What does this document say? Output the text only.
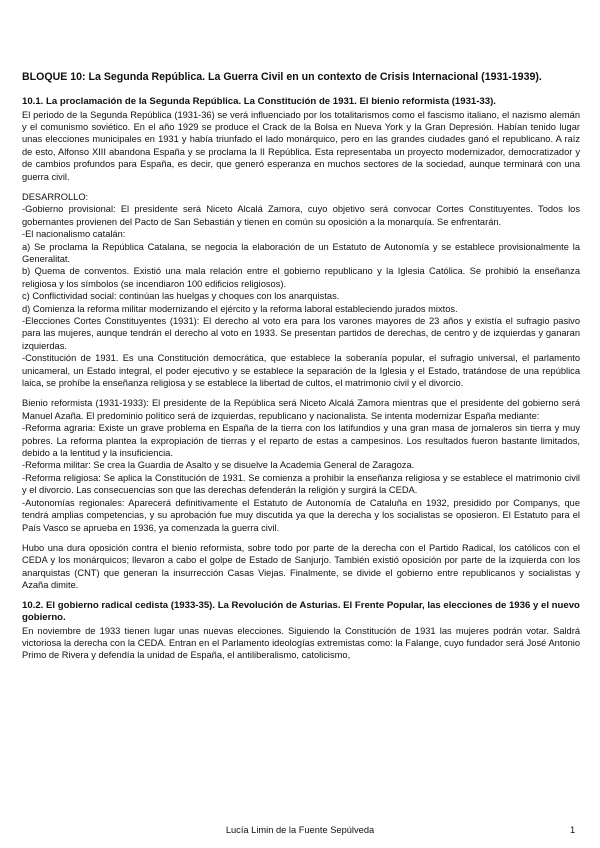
BLOQUE 10: La Segunda República. La Guerra Civil en un contexto de Crisis Internacional (1931-1939).
10.1. La proclamación de la Segunda República. La Constitución de 1931. El bienio reformista (1931-33).

El periodo de la Segunda República (1931-36) se verá influenciado por los totalitarismos como el fascismo italiano, el nazismo alemán y el comunismo soviético. En el año 1929 se produce el Crack de la Bolsa en Nueva York y la Gran Depresión. Habían tenido lugar unas elecciones municipales en 1931 y había triunfado el lado monárquico, pero en las grandes ciudades ganó el republicano. A raíz de esto, Alfonso XIII abandona España y se proclama la II República. Esta representaba un proyecto modernizador, democratizador y de cambios profundos para España, es decir, que generó esperanza en muchos sectores de la sociedad, aunque terminará con una guerra civil.

DESARROLLO:

-Gobierno provisional: El presidente será Niceto Alcalá Zamora, cuyo objetivo será convocar Cortes Constituyentes. Todos los gobernantes provienen del Pacto de San Sebastián y tienen en común su oposición a la monarquía. Se enfrentarán.

-El nacionalismo catalán:

a) Se proclama la República Catalana, se negocia la elaboración de un Estatuto de Autonomía y se establece provisionalmente la Generalitat.

b) Quema de conventos. Existió una mala relación entre el gobierno republicano y la Iglesia Católica. Se prohibió la enseñanza religiosa y los símbolos (se incendiaron 100 edificios religiosos).

c) Conflictividad social: continúan las huelgas y choques con los anarquistas.

d) Comienza la reforma militar modernizando el ejército y la reforma laboral estableciendo jurados mixtos.

-Elecciones Cortes Constituyentes (1931): El derecho al voto era para los varones mayores de 23 años y existía el sufragio pasivo para las mujeres, aunque tendrán el derecho al voto en 1933. Se presentan partidos de derechas, de centro y de izquierdas y ganaran izquierdas.

-Constitución de 1931. Es una Constitución democrática, que establece la soberanía popular, el sufragio universal, el parlamento unicameral, un Estado integral, el poder ejecutivo y se establece la separación de la Iglesia y el Estado, tratándose de una república laica, se prohíbe la enseñanza religiosa y se establece la libertad de cultos, el matrimonio civil y el divorcio.

Bienio reformista (1931-1933): El presidente de la República será Niceto Alcalá Zamora mientras que el presidente del gobierno será Manuel Azaña. El predominio político será de izquierdas, republicano y nacionalista. Se intenta modernizar España mediante:

-Reforma agraria: Existe un grave problema en España de la tierra con los latifundios y una gran masa de jornaleros sin tierra y muy pobres. La reforma plantea la expropiación de tierras y el reparto de estas a campesinos. Los resultados fueron bastante limitados, debido a la lentitud y la insuficiencia.

-Reforma militar: Se crea la Guardia de Asalto y se disuelve la Academia General de Zaragoza.

-Reforma religiosa: Se aplica la Constitución de 1931. Se comienza a prohibir la enseñanza religiosa y se establece el matrimonio civil y el divorcio. Las consecuencias son que las derechas defenderán la religión y surgirá la CEDA.

-Autonomías regionales: Aparecerá definitivamente el Estatuto de Autonomía de Cataluña en 1932, presidido por Companys, que tendrá amplias competencias, y su aprobación fue muy discutida ya que la derecha y los socialistas se oposieron. El Estatuto para el País Vasco se aprueba en 1936, ya comenzada la guerra civil.

Hubo una dura oposición contra el bienio reformista, sobre todo por parte de la derecha con el Partido Radical, los católicos con el CEDA y los monárquicos; llevaron a cabo el golpe de Estado de Sanjurjo. También existió oposición por parte de la izquierda con los anarquistas (CNT) que generan la insurrección Casas Viejas. Finalmente, se divide el gobierno entre republicanos y socialistas y Azaña dimite.

10.2. El gobierno radical cedista (1933-35). La Revolución de Asturias. El Frente Popular, las elecciones de 1936 y el nuevo gobierno.

En noviembre de 1933 tienen lugar unas nuevas elecciones. Siguiendo la Constitución de 1931 las mujeres podrán votar. Saldrá victoriosa la derecha con la CEDA. Entran en el Parlamento ideologías extremistas como: la Falange, cuyo fundador será José Antonio Primo de Rivera y defendía la unidad de España, el antiliberalismo, catolicismo,

Lucía Limin de la Fuente Sepúlveda	1
